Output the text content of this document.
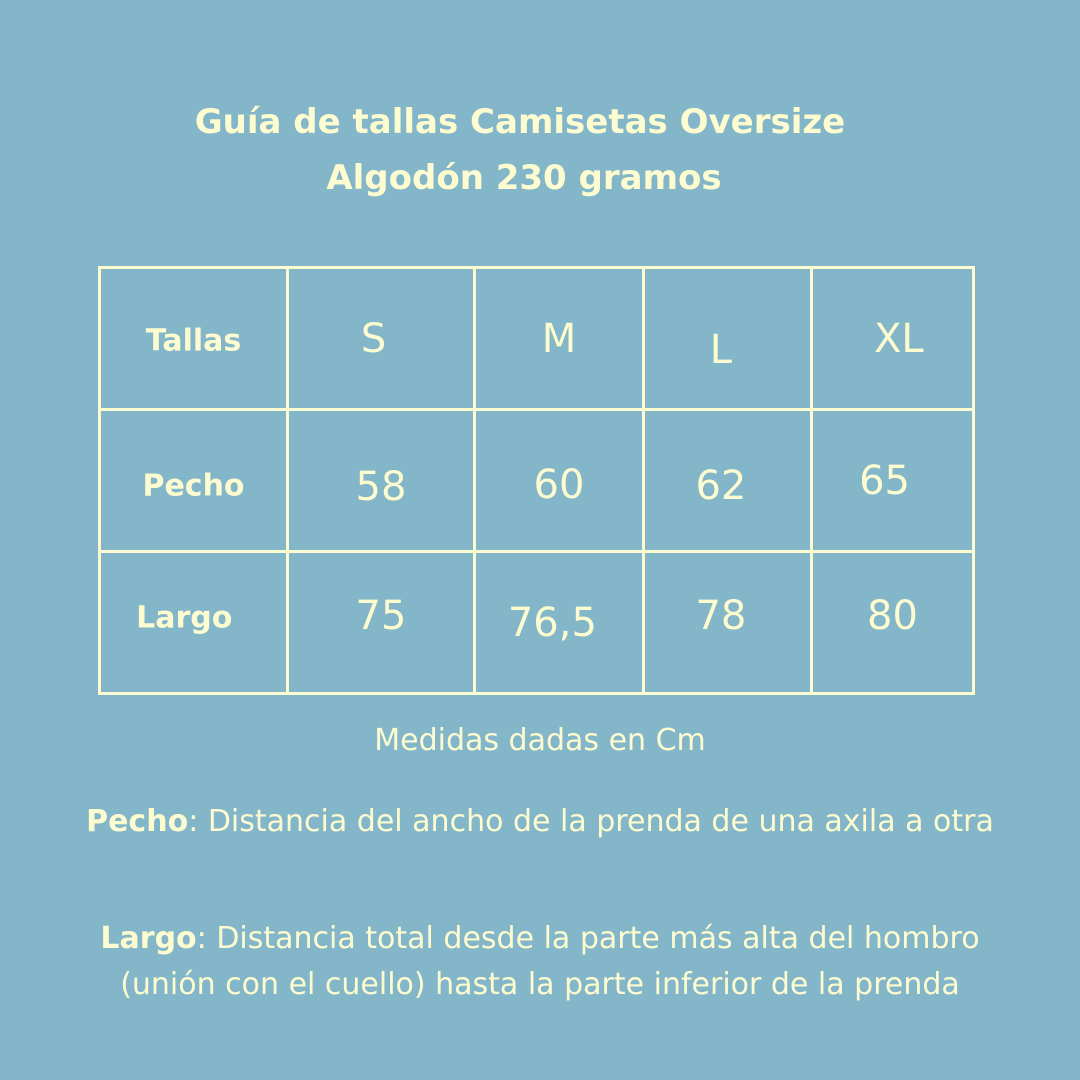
Guía de tallas Camisetas Oversize
Algodón 230 gramos
Tallas	S	M	L	XL

Pecho	58	60	62	65

Largo	75	76,5	78	80

Medidas dadas en Cm

Pecho: Distancia del ancho de la prenda de una axila a otra

Largo: Distancia total desde la parte más alta del hombro (unión con el cuello) hasta la parte inferior de la prenda
